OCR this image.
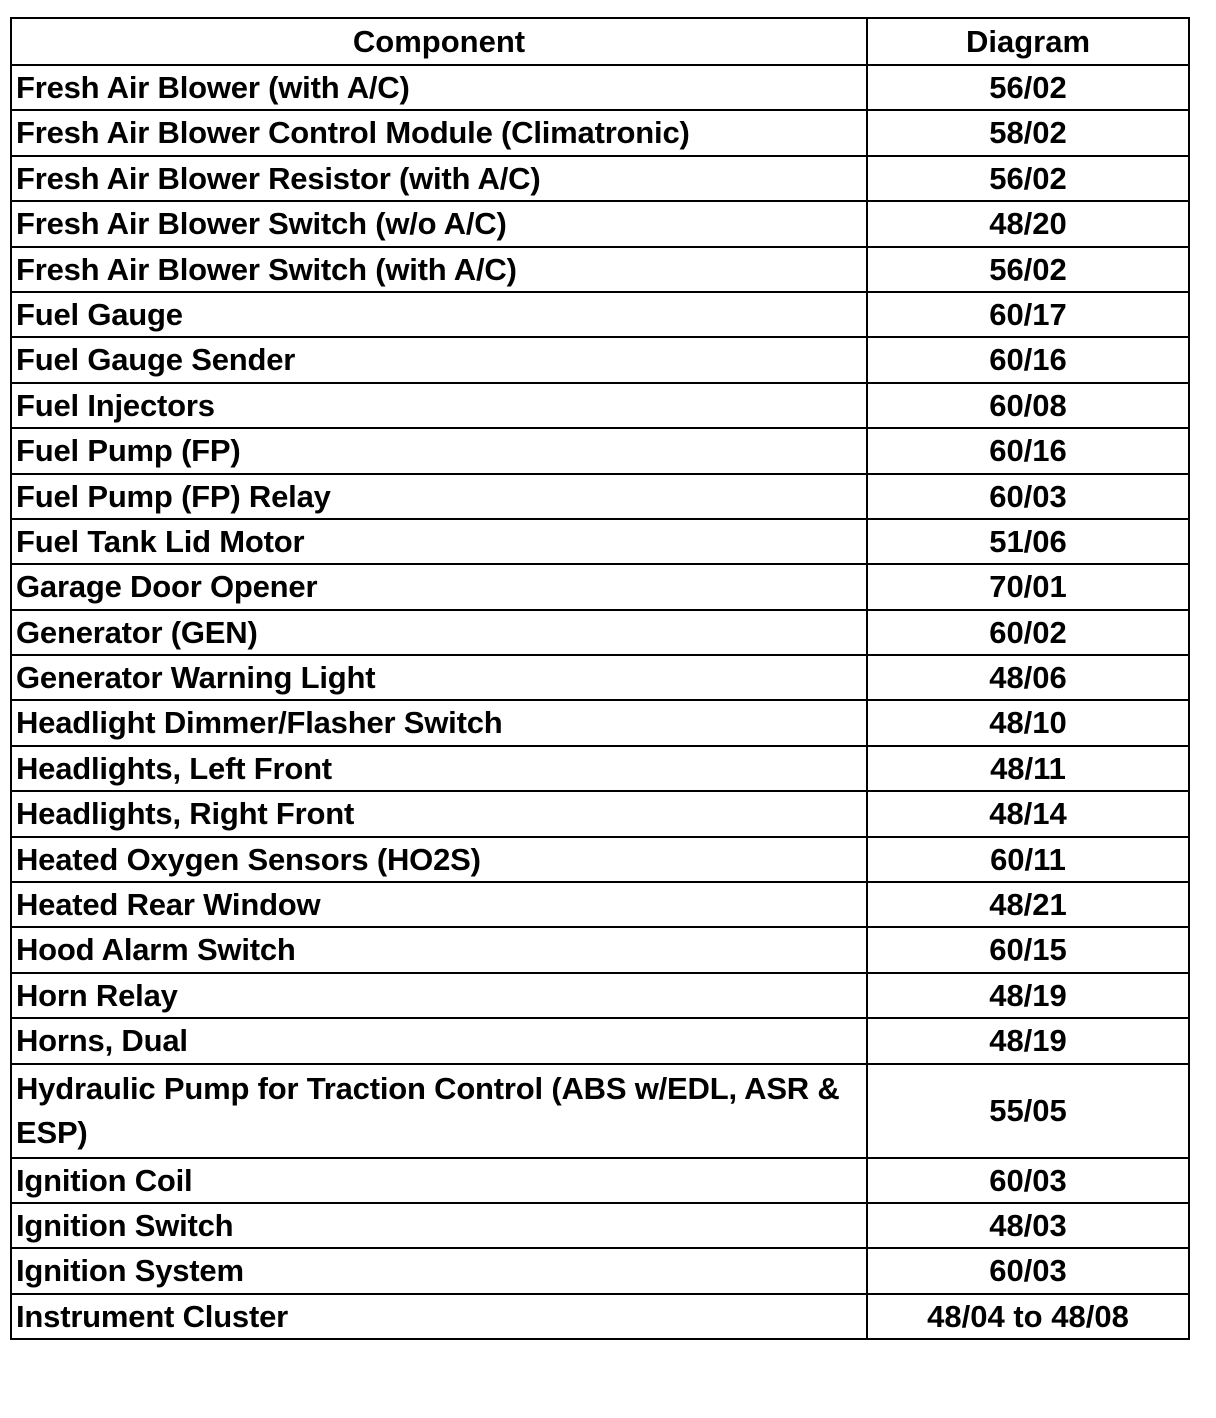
Component	Diagram
Fresh Air Blower (with A/C)	56/02
Fresh Air Blower Control Module (Climatronic)	58/02
Fresh Air Blower Resistor (with A/C)	56/02
Fresh Air Blower Switch (w/o A/C)	48/20
Fresh Air Blower Switch (with A/C)	56/02
Fuel Gauge	60/17
Fuel Gauge Sender	60/16
Fuel Injectors	60/08
Fuel Pump (FP)	60/16
Fuel Pump (FP) Relay	60/03
Fuel Tank Lid Motor	51/06
Garage Door Opener	70/01
Generator (GEN)	60/02
Generator Warning Light	48/06
Headlight Dimmer/Flasher Switch	48/10
Headlights, Left Front	48/11
Headlights, Right Front	48/14
Heated Oxygen Sensors (HO2S)	60/11
Heated Rear Window	48/21
Hood Alarm Switch	60/15
Horn Relay	48/19
Horns, Dual	48/19
Hydraulic Pump for Traction Control (ABS w/EDL, ASR & ESP)	55/05
Ignition Coil	60/03
Ignition Switch	48/03
Ignition System	60/03
Instrument Cluster	48/04 to 48/08
